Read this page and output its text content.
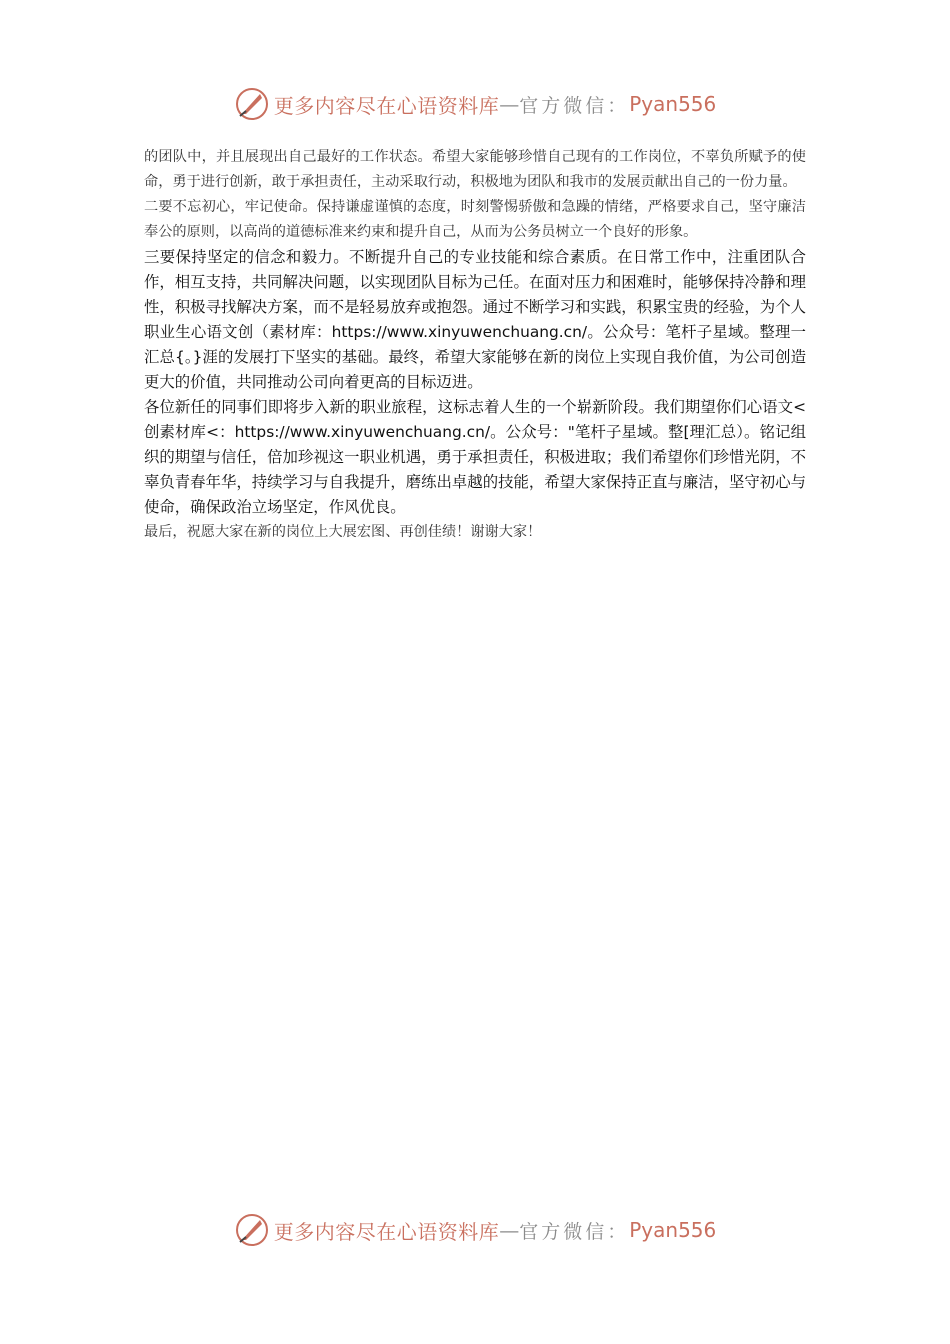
更多内容尽在心语资料库 — 官方微信： Pyan556

的团队中，并且展现出自己最好的工作状态。希望大家能够珍惜自己现有的工作岗位，不辜负所赋予的使命，勇于进行创新，敢于承担责任，主动采取行动，积极地为团队和我市的发展贡献出自己的一份力量。

二要不忘初心，牢记使命。保持谦虚谨慎的态度，时刻警惕骄傲和急躁的情绪，严格要求自己，坚守廉洁奉公的原则，以高尚的道德标准来约束和提升自己，从而为公务员树立一个良好的形象。

三要保持坚定的信念和毅力。不断提升自己的专业技能和综合素质。在日常工作中，注重团队合作，相互支持，共同解决问题，以实现团队目标为己任。在面对压力和困难时，能够保持冷静和理性，积极寻找解决方案，而不是轻易放弃或抱怨。通过不断学习和实践，积累宝贵的经验，为个人职业生心语文创（素材库：https://www.xinyuwenchuang.cn/。公众号：笔杆子星域。整理一汇总{。}涯的发展打下坚实的基础。最终，希望大家能够在新的岗位上实现自我价值，为公司创造更大的价值，共同推动公司向着更高的目标迈进。

各位新任的同事们即将步入新的职业旅程，这标志着人生的一个崭新阶段。我们期望你们心语文<创素材库<：https://www.xinyuwenchuang.cn/。公众号："笔杆子星域。整[理汇总）。铭记组织的期望与信任，倍加珍视这一职业机遇，勇于承担责任，积极进取；我们希望你们珍惜光阴，不辜负青春年华，持续学习与自我提升，磨练出卓越的技能，希望大家保持正直与廉洁，坚守初心与使命，确保政治立场坚定，作风优良。

最后，祝愿大家在新的岗位上大展宏图、再创佳绩！谢谢大家！

更多内容尽在心语资料库 — 官方微信： Pyan556
